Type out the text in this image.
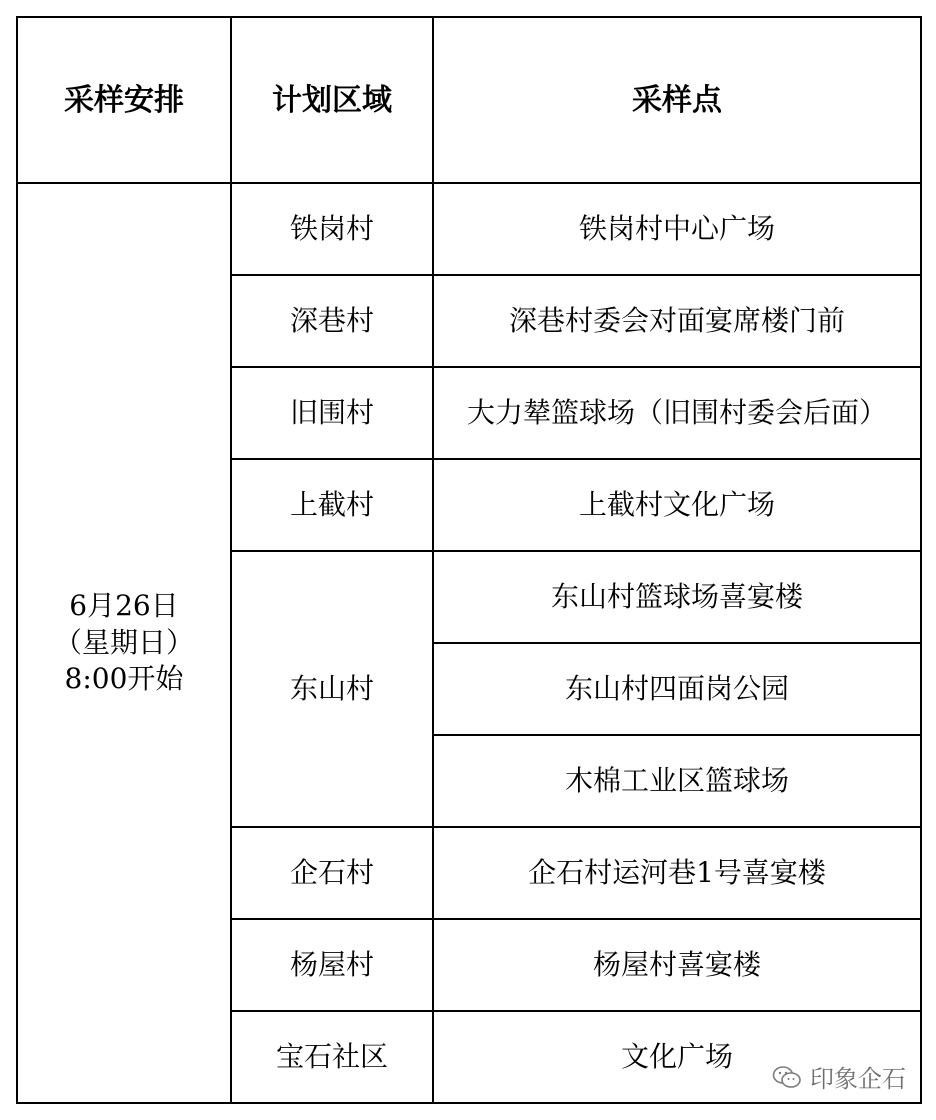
采样安排	计划区域	采样点

6月26日
（星期日）
8:00开始	铁岗村	铁岗村中心广场
	深巷村	深巷村委会对面宴席楼门前
	旧围村	大力辇篮球场（旧围村委会后面）
	上截村	上截村文化广场
	东山村	东山村篮球场喜宴楼
		东山村四面岗公园
		木棉工业区篮球场
	企石村	企石村运河巷1号喜宴楼
	杨屋村	杨屋村喜宴楼
	宝石社区	文化广场
印象企石
